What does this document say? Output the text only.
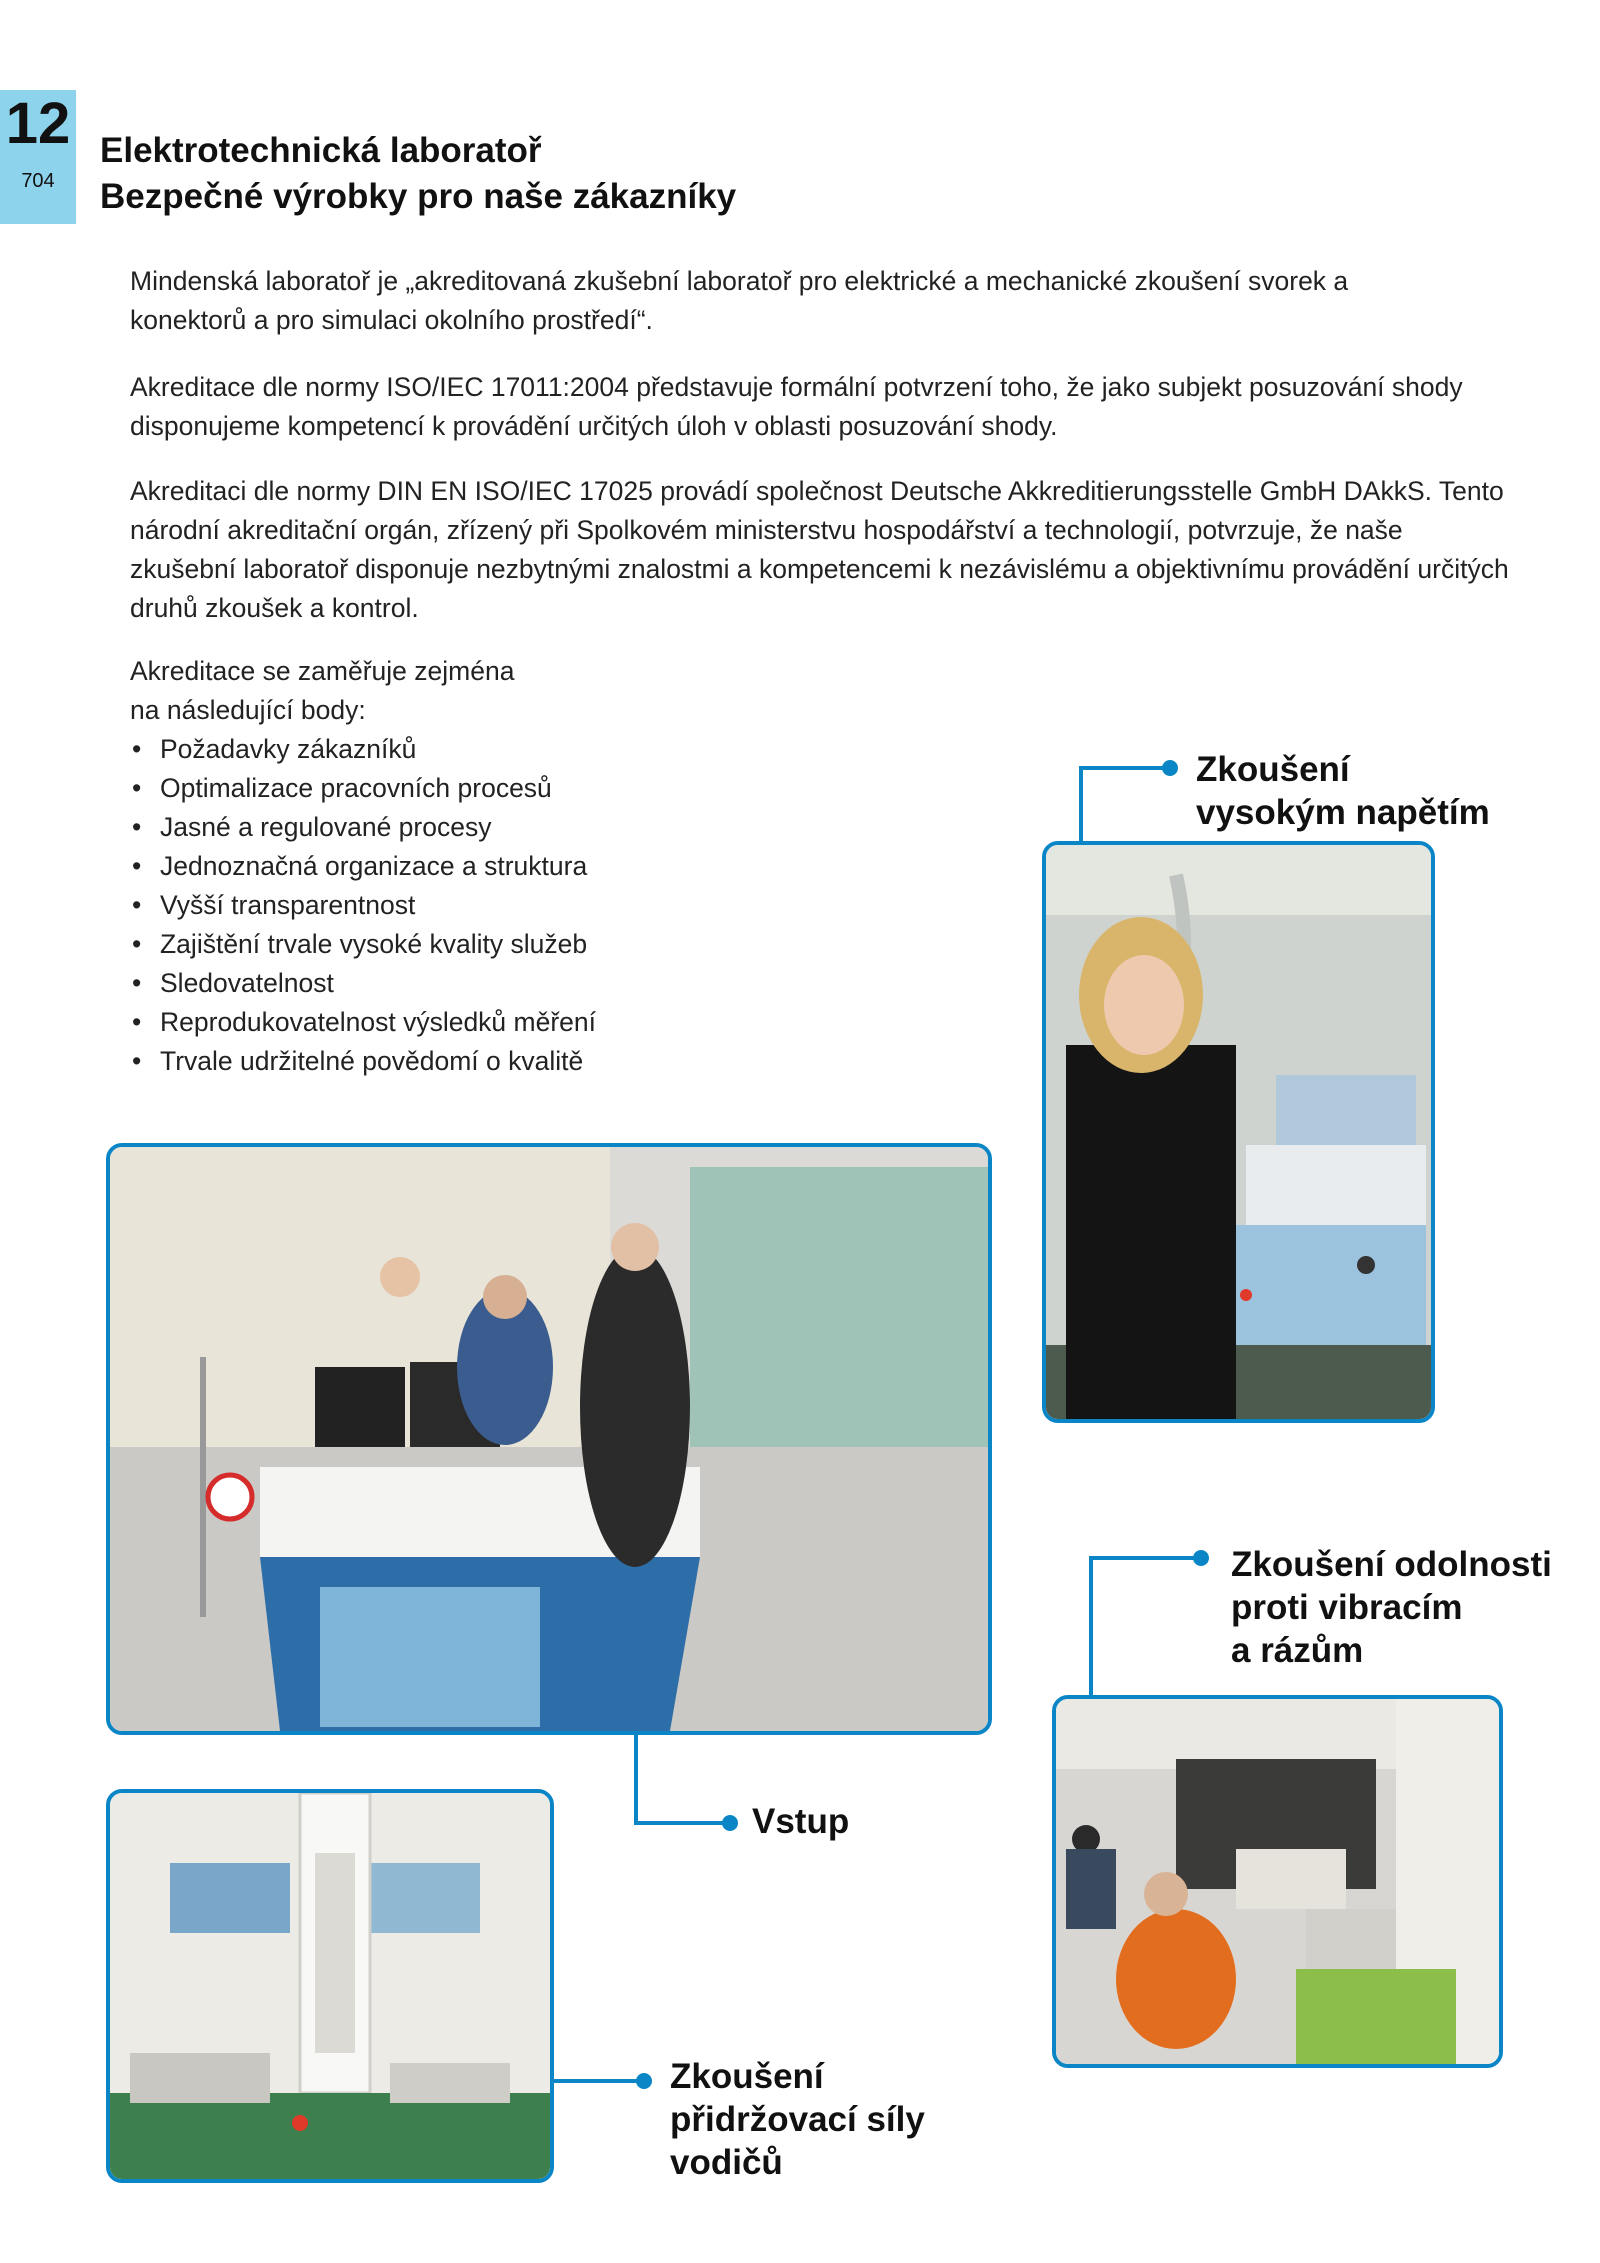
12
704
Elektrotechnická laboratoř
Bezpečné výrobky pro naše zákazníky

Mindenská laboratoř je „akreditovaná zkušební laboratoř pro elektrické a mechanické zkoušení svorek a konektorů a pro simulaci okolního prostředí“.

Akreditace dle normy ISO/IEC 17011:2004 představuje formální potvrzení toho, že jako subjekt posuzování shody disponujeme kompetencí k provádění určitých úloh v oblasti posuzování shody.

Akreditaci dle normy DIN EN ISO/IEC 17025 provádí společnost Deutsche Akkreditierungsstelle GmbH DAkkS. Tento národní akreditační orgán, zřízený při Spolkovém ministerstvu hospodářství a technologií, potvrzuje, že naše zkušební laboratoř disponuje nezbytnými znalostmi a kompetencemi k nezávislému a objektivnímu provádění určitých druhů zkoušek a kontrol.

Akreditace se zaměřuje zejména
na následující body:
• Požadavky zákazníků
• Optimalizace pracovních procesů
• Jasné a regulované procesy
• Jednoznačná organizace a struktura
• Vyšší transparentnost
• Zajištění trvale vysoké kvality služeb
• Sledovatelnost
• Reprodukovatelnost výsledků měření
• Trvale udržitelné povědomí o kvalitě
Zkoušení
vysokým napětím
Vstup
Zkoušení odolnosti
proti vibracím
a rázům
Zkoušení
přidržovací síly
vodičů
